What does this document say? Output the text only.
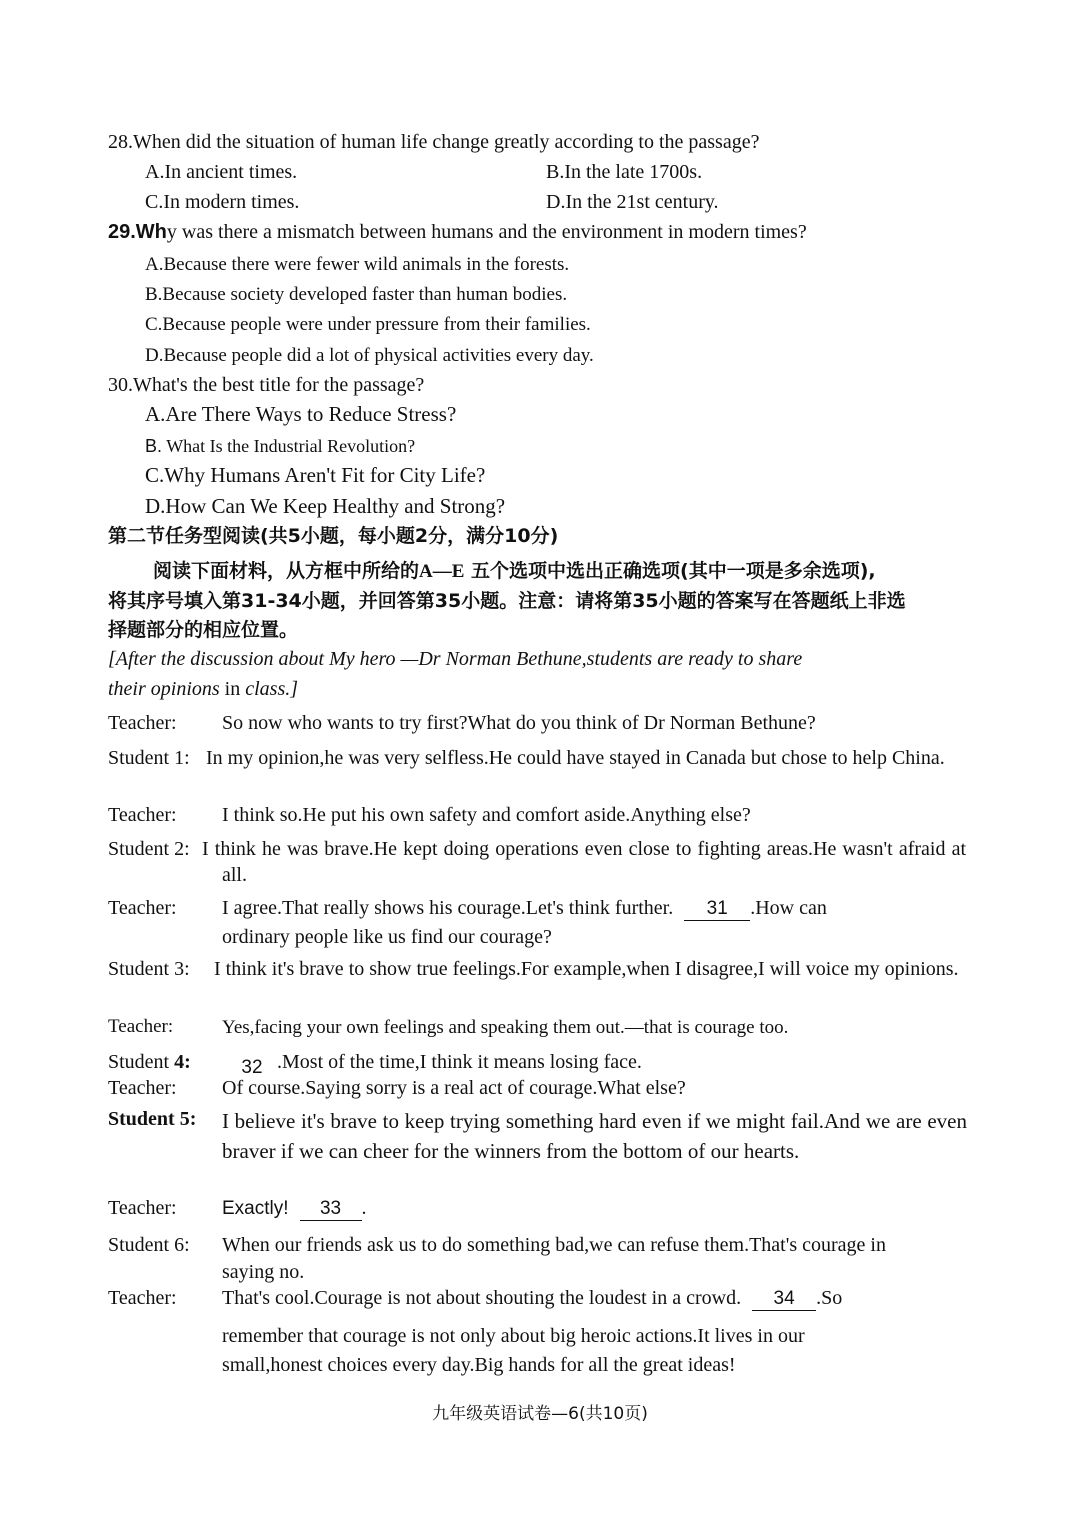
28.When did the situation of human life change greatly according to the passage?
A.In ancient times.	B.In the late 1700s.
C.In modern times.	D.In the 21st century.
29.Why was there a mismatch between humans and the environment in modern times?
A.Because there were fewer wild animals in the forests.
B.Because society developed faster than human bodies.
C.Because people were under pressure from their families.
D.Because people did a lot of physical activities every day.
30.What's the best title for the passage?
A.Are There Ways to Reduce Stress?
B. What Is the Industrial Revolution?
C.Why Humans Aren't Fit for City Life?
D.How Can We Keep Healthy and Strong?
第二节任务型阅读(共5小题，每小题2分，满分10分)
阅读下面材料，从方框中所给的A—E 五个选项中选出正确选项(其中一项是多余选项),
将其序号填入第31-34小题，并回答第35小题。注意：请将第35小题的答案写在答题纸上非选
择题部分的相应位置。
[After the discussion about My hero —Dr Norman Bethune,students are ready to share
their opinions in class.]
Teacher: So now who wants to try first?What do you think of Dr Norman Bethune?
Student 1: In my opinion,he was very selfless.He could have stayed in Canada but chose to help China.
Teacher: I think so.He put his own safety and comfort aside.Anything else?
Student 2: I think he was brave.He kept doing operations even close to fighting areas.He wasn't afraid at all.
Teacher: I agree.That really shows his courage.Let's think further. 31 .How can
ordinary people like us find our courage?
Student 3: I think it's brave to show true feelings.For example,when I disagree,I will voice my opinions.
Teacher:	Yes,facing your own feelings and speaking them out.—that is courage too.
Student 4:	32 .Most of the time,I think it means losing face.
Teacher: Of course.Saying sorry is a real act of courage.What else?
Student 5: I believe it's brave to keep trying something hard even if we might fail.And we are even braver if we can cheer for the winners from the bottom of our hearts.
Teacher: Exactly! 33 .
Student 6: When our friends ask us to do something bad,we can refuse them.That's courage in saying no.
Teacher: That's cool.Courage is not about shouting the loudest in a crowd. 34 .So
remember that courage is not only about big heroic actions.It lives in our
small,honest choices every day.Big hands for all the great ideas!
九年级英语试卷—6(共10页)
